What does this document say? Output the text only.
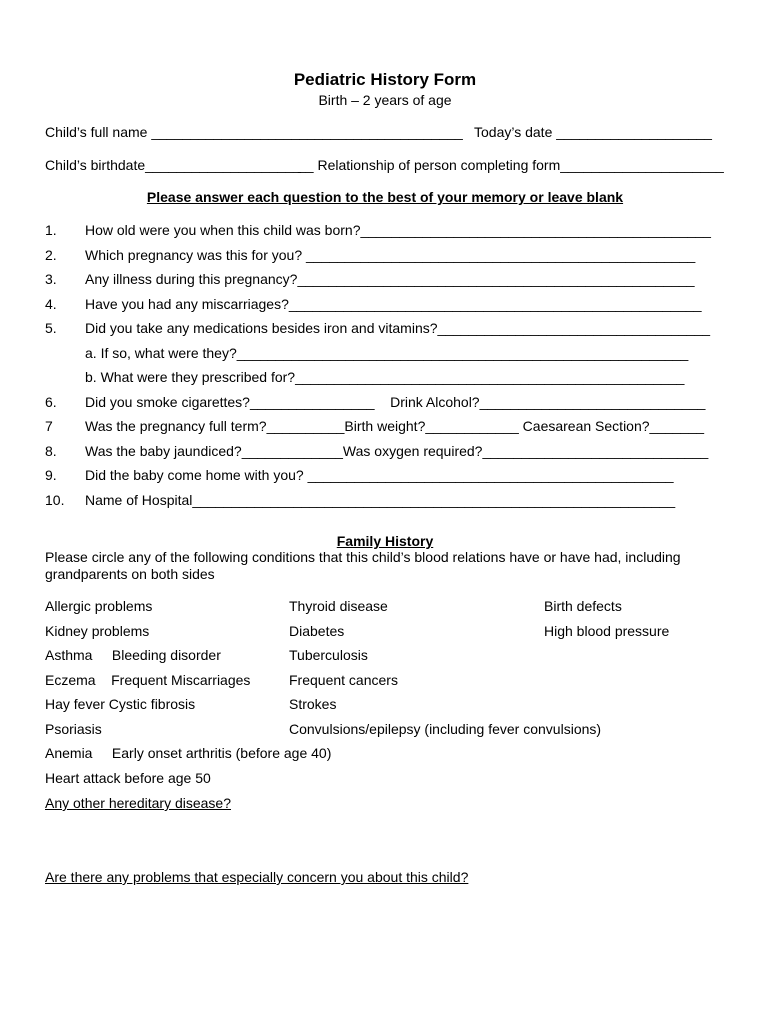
Pediatric History Form
Birth – 2 years of age
Child’s full name ________________________________________ Today’s date ____________________
Child’s birthdate____________________
__ Relationship of person completing form_____________________
Please answer each question to the best of your memory or leave blank
1. How old were you when this child was born?_____________________________________________
2. Which pregnancy was this for you? __________________________________________________
3. Any illness during this pregnancy?___________________________________________________
4. Have you had any miscarriages?_____________________________________________________
5. Did you take any medications besides iron and vitamins?___________________________________
a. If so, what were they?__________________________________________________________
b. What were they prescribed for?__________________________________________________
6. Did you smoke cigarettes?________________    Drink Alcohol?_____________________________
7 Was the pregnancy full term?__________Birth weight?____________ Caesarean Section?_______
8. Was the baby jaundiced?_____________Was oxygen required?_____________________________
9. Did the baby come home with you? _______________________________________________
10. Name of Hospital______________________________________________________________
Family History
Please circle any of the following conditions that this child’s blood relations have or have had, including
grandparents on both sides
Allergic problems
Kidney problems
Asthma     Bleeding disorder
Eczema    Frequent Miscarriages
Hay fever Cystic fibrosis
Psoriasis
Anemia     Early onset arthritis (before age 40)
Heart attack before age 50
Thyroid disease
Diabetes
Tuberculosis
Frequent cancers
Strokes
Convulsions/epilepsy (including fever convulsions)
Birth defects
High blood pressure
Any other hereditary disease?
Are there any problems that especially concern you about this child?
